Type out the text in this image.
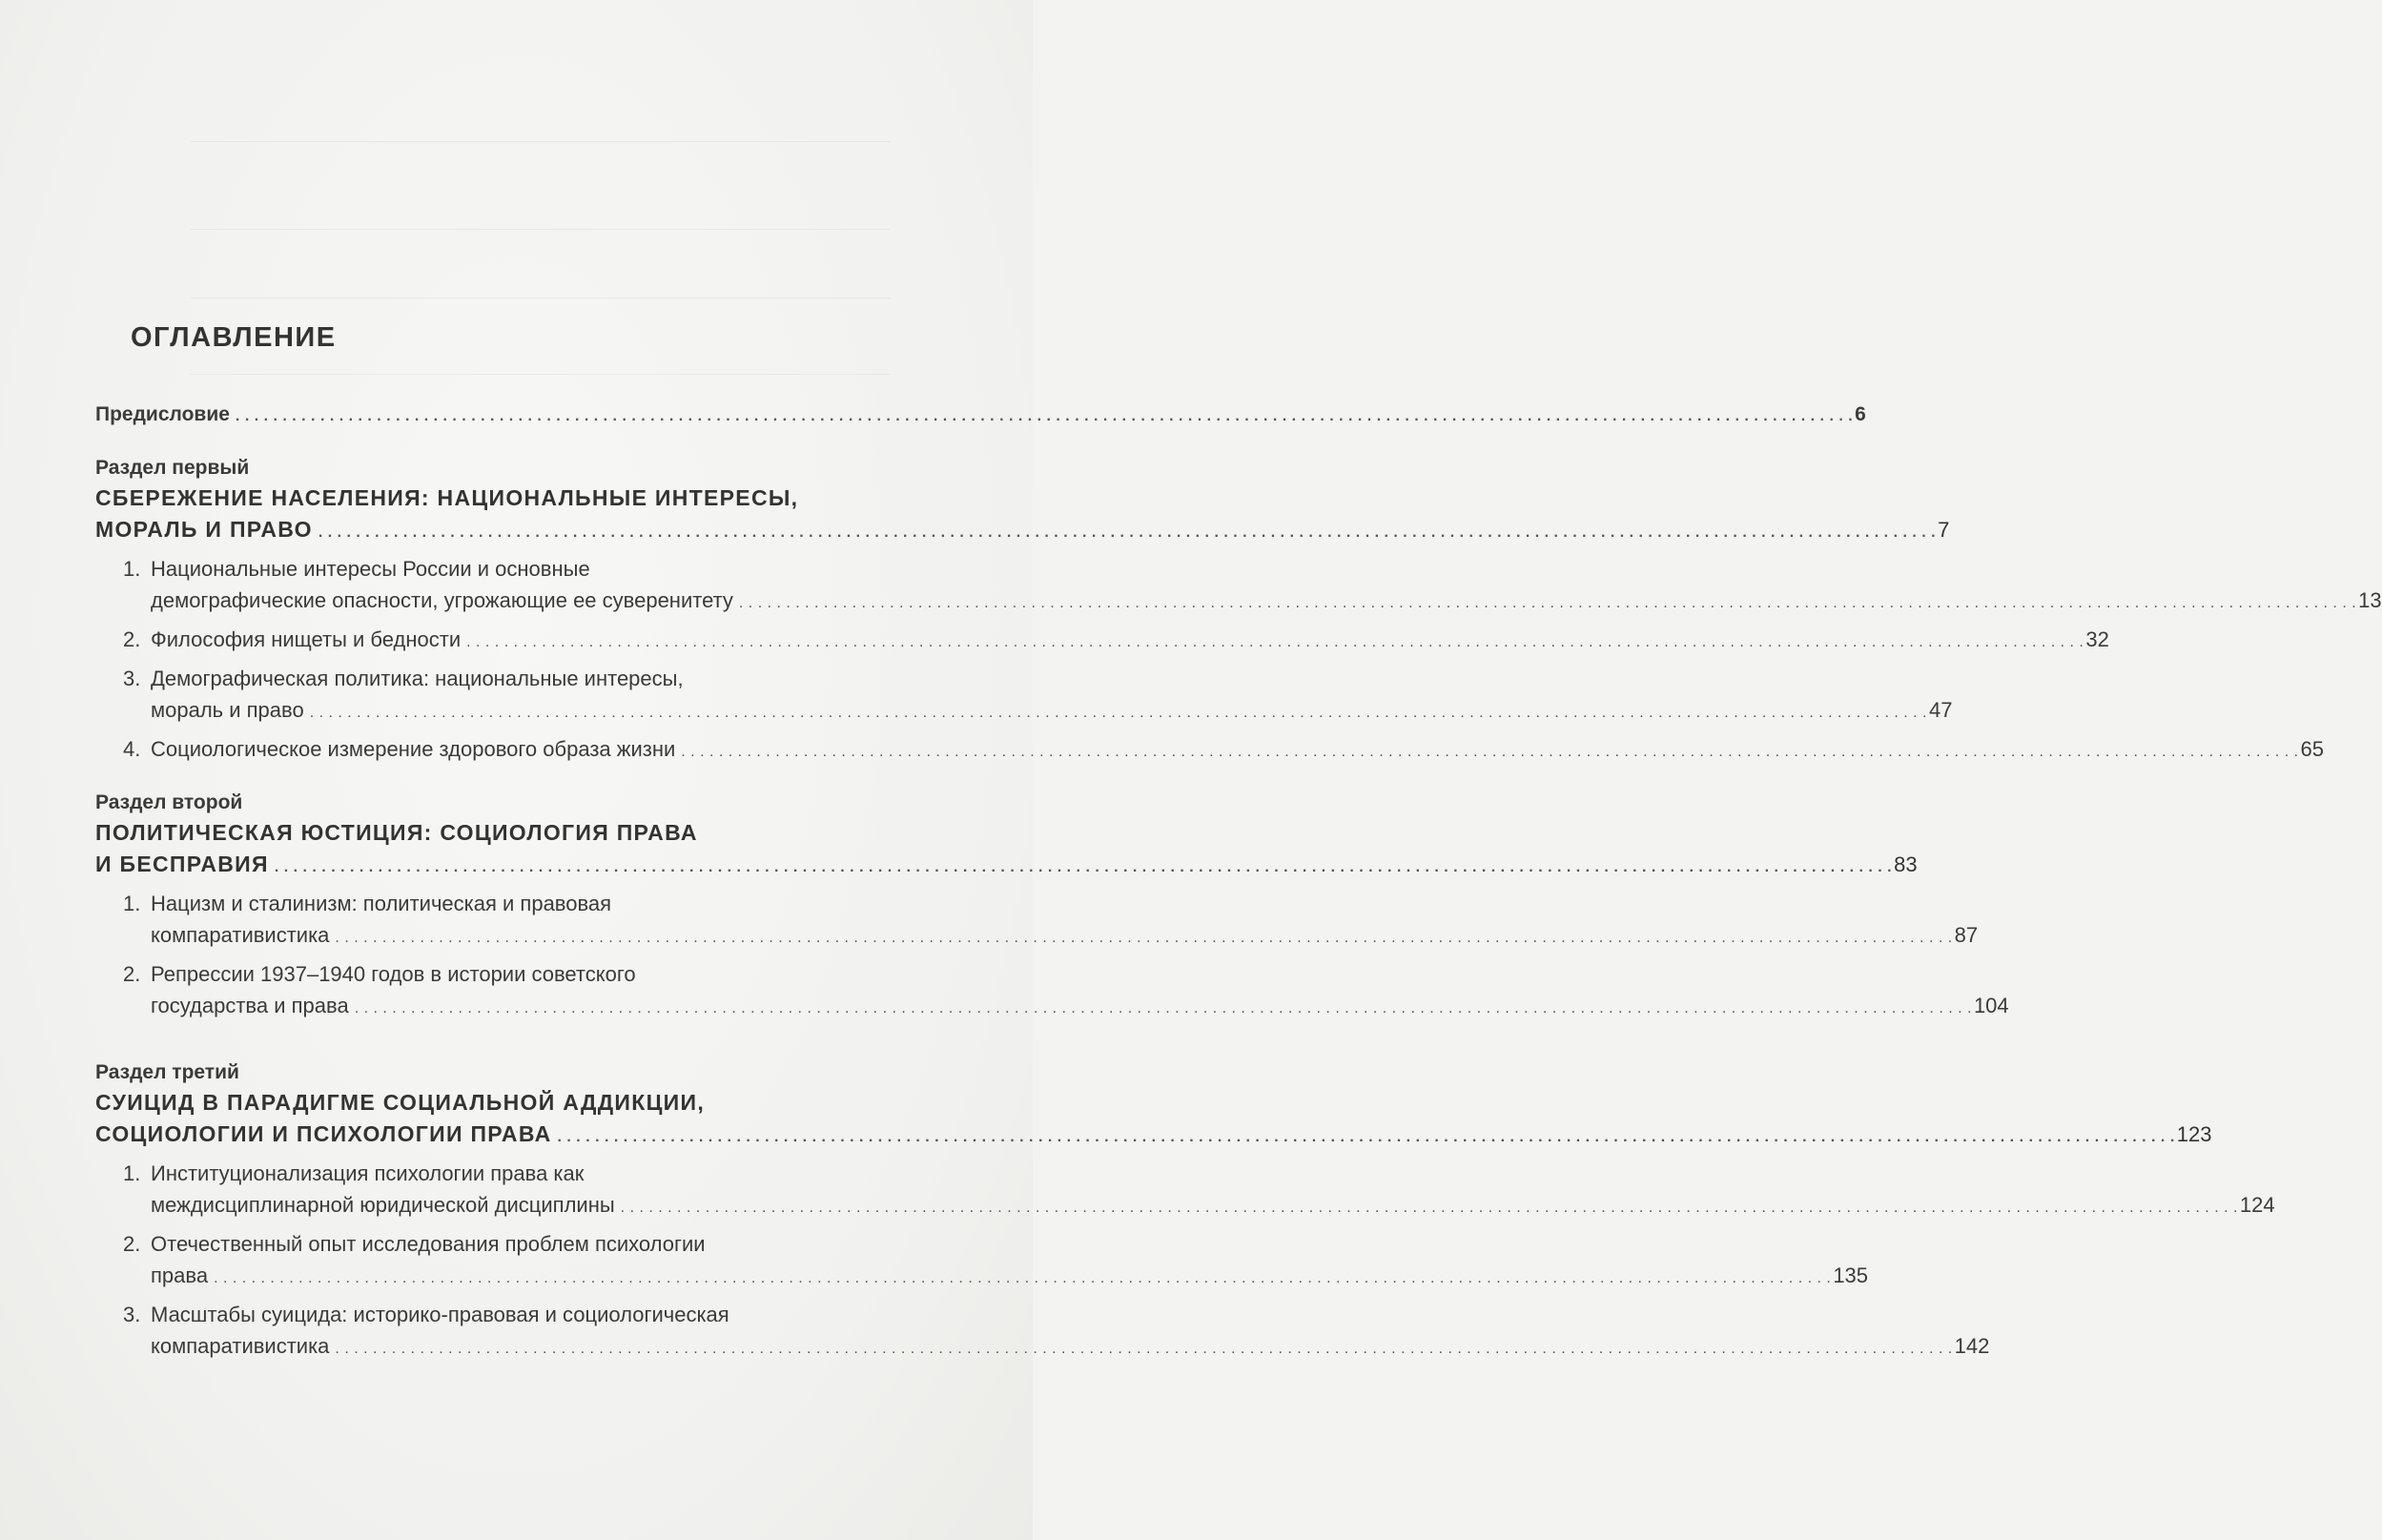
ОГЛАВЛЕНИЕ
Предисловие . . .	6
Раздел первый
СБЕРЕЖЕНИЕ НАСЕЛЕНИЯ: НАЦИОНАЛЬНЫЕ ИНТЕРЕСЫ,
МОРАЛЬ И ПРАВО . . .	7
1. Национальные интересы России и основные
демографические опасности, угрожающие ее суверенитету . . .	13
2. Философия нищеты и бедности . . .	32
3. Демографическая политика: национальные интересы,
мораль и право . . .	47
4. Социологическое измерение здорового образа жизни . . .	65
Раздел второй
ПОЛИТИЧЕСКАЯ ЮСТИЦИЯ: СОЦИОЛОГИЯ ПРАВА
И БЕСПРАВИЯ . . .	83
1. Нацизм и сталинизм: политическая и правовая
компаративистика . . .	87
2. Репрессии 1937–1940 годов в истории советского
государства и права . . .	104
Раздел третий
СУИЦИД В ПАРАДИГМЕ СОЦИАЛЬНОЙ АДДИКЦИИ,
СОЦИОЛОГИИ И ПСИХОЛОГИИ ПРАВА . . .	123
1. Институционализация психологии права как
междисциплинарной юридической дисциплины . . .	124
2. Отечественный опыт исследования проблем психологии
права . . .	135
3. Масштабы суицида: историко-правовая и социологическая
компаративистика . . .	142
